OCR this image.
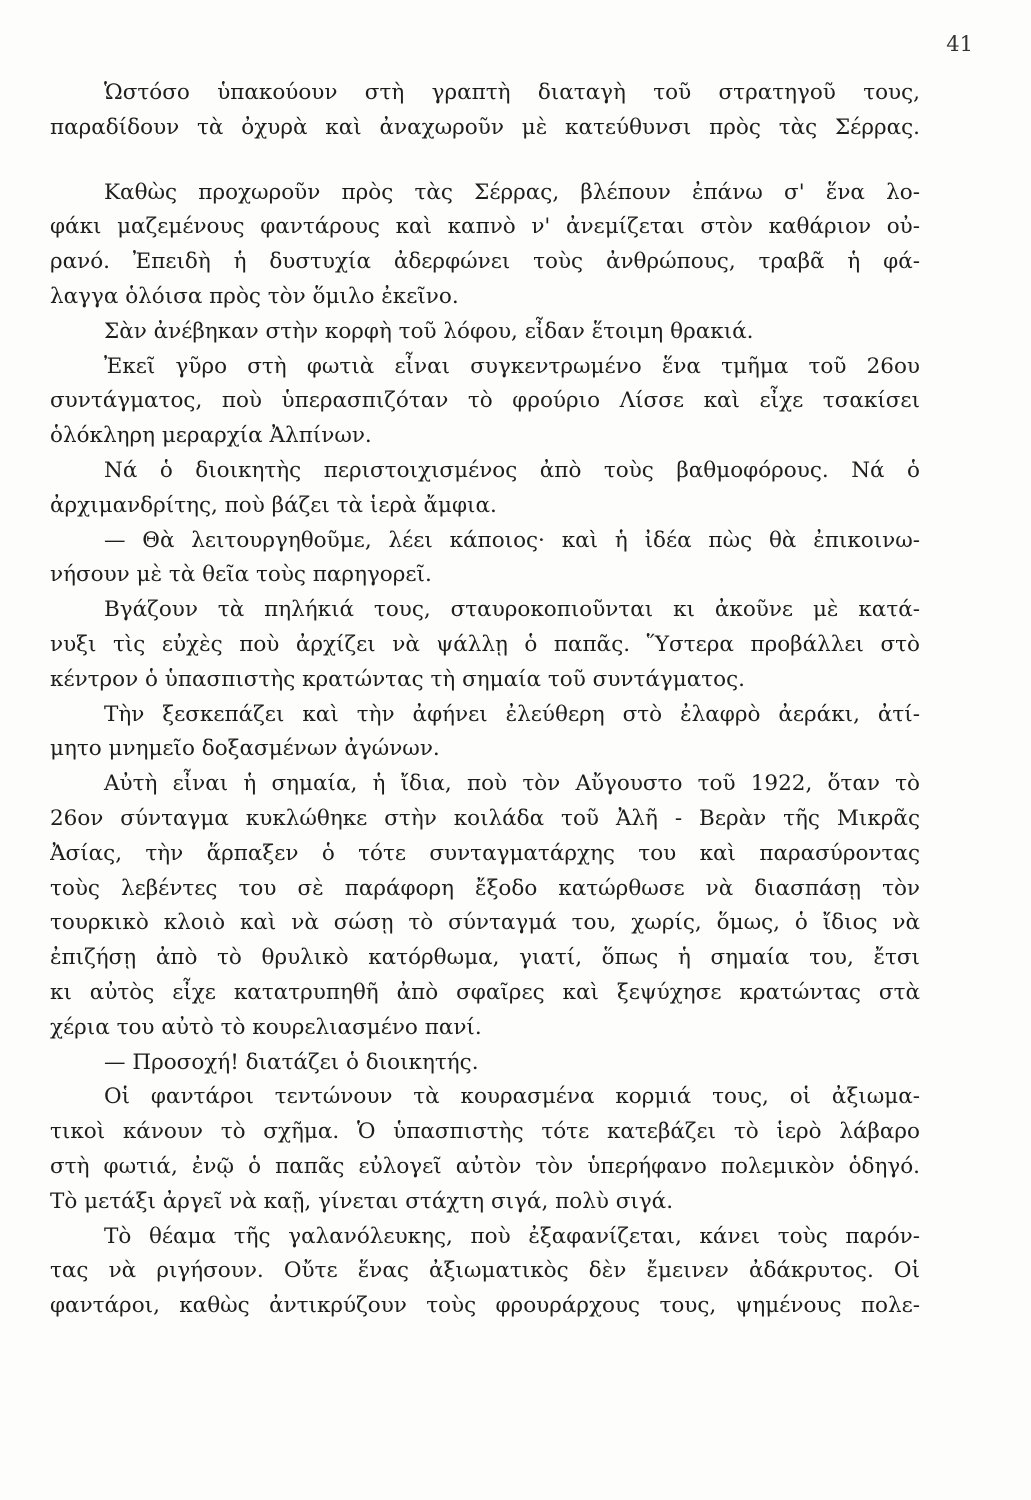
41
Ὡστόσο ὑπακούουν στὴ γραπτὴ διαταγὴ τοῦ στρατηγοῦ τους,
παραδίδουν τὰ ὀχυρὰ καὶ ἀναχωροῦν μὲ κατεύθυνσι πρὸς τὰς Σέρρας.
Καθὼς προχωροῦν πρὸς τὰς Σέρρας, βλέπουν ἐπάνω σ' ἕνα λο-
φάκι μαζεμένους φαντάρους καὶ καπνὸ ν' ἀνεμίζεται στὸν καθάριον οὐ-
ρανό. Ἐπειδὴ ἡ δυστυχία ἀδερφώνει τοὺς ἀνθρώπους, τραβᾶ ἡ φά-
λαγγα ὁλόισα πρὸς τὸν ὅμιλο ἐκεῖνο.
Σὰν ἀνέβηκαν στὴν κορφὴ τοῦ λόφου, εἶδαν ἕτοιμη θρακιά.
Ἐκεῖ γῦρο στὴ φωτιὰ εἶναι συγκεντρωμένο ἕνα τμῆμα τοῦ 26ου
συντάγματος, ποὺ ὑπερασπιζόταν τὸ φρούριο Λίσσε καὶ εἶχε τσακίσει
ὁλόκληρη μεραρχία Ἀλπίνων.
Νά ὁ διοικητὴς περιστοιχισμένος ἀπὸ τοὺς βαθμοφόρους. Νά ὁ
ἀρχιμανδρίτης, ποὺ βάζει τὰ ἱερὰ ἄμφια.
— Θὰ λειτουργηθοῦμε, λέει κάποιος· καὶ ἡ ἰδέα πὼς θὰ ἐπικοινω-
νήσουν μὲ τὰ θεῖα τοὺς παρηγορεῖ.
Βγάζουν τὰ πηλήκιά τους, σταυροκοπιοῦνται κι ἀκοῦνε μὲ κατά-
νυξι τὶς εὐχὲς ποὺ ἀρχίζει νὰ ψάλλῃ ὁ παπᾶς. Ὕστερα προβάλλει στὸ
κέντρον ὁ ὑπασπιστὴς κρατώντας τὴ σημαία τοῦ συντάγματος.
Τὴν ξεσκεπάζει καὶ τὴν ἀφήνει ἐλεύθερη στὸ ἐλαφρὸ ἀεράκι, ἀτί-
μητο μνημεῖο δοξασμένων ἀγώνων.
Αὐτὴ εἶναι ἡ σημαία, ἡ ἴδια, ποὺ τὸν Αὔγουστο τοῦ 1922, ὅταν τὸ
26ον σύνταγμα κυκλώθηκε στὴν κοιλάδα τοῦ Ἀλῆ - Βερὰν τῆς Μικρᾶς
Ἀσίας, τὴν ἅρπαξεν ὁ τότε συνταγματάρχης του καὶ παρασύροντας
τοὺς λεβέντες του σὲ παράφορη ἔξοδο κατώρθωσε νὰ διασπάσῃ τὸν
τουρκικὸ κλοιὸ καὶ νὰ σώσῃ τὸ σύνταγμά του, χωρίς, ὅμως, ὁ ἴδιος νὰ
ἐπιζήσῃ ἀπὸ τὸ θρυλικὸ κατόρθωμα, γιατί, ὅπως ἡ σημαία του, ἔτσι
κι αὐτὸς εἶχε κατατρυπηθῆ ἀπὸ σφαῖρες καὶ ξεψύχησε κρατώντας στὰ
χέρια του αὐτὸ τὸ κουρελιασμένο πανί.
— Προσοχή! διατάζει ὁ διοικητής.
Οἱ φαντάροι τεντώνουν τὰ κουρασμένα κορμιά τους, οἱ ἀξιωμα-
τικοὶ κάνουν τὸ σχῆμα. Ὁ ὑπασπιστὴς τότε κατεβάζει τὸ ἱερὸ λάβαρο
στὴ φωτιά, ἐνῷ ὁ παπᾶς εὐλογεῖ αὐτὸν τὸν ὑπερήφανο πολεμικὸν ὁδηγό.
Τὸ μετάξι ἀργεῖ νὰ καῇ, γίνεται στάχτη σιγά, πολὺ σιγά.
Τὸ θέαμα τῆς γαλανόλευκης, ποὺ ἐξαφανίζεται, κάνει τοὺς παρόν-
τας νὰ ριγήσουν. Οὔτε ἕνας ἀξιωματικὸς δὲν ἔμεινεν ἀδάκρυτος. Οἱ
φαντάροι, καθὼς ἀντικρύζουν τοὺς φρουράρχους τους, ψημένους πολε-
